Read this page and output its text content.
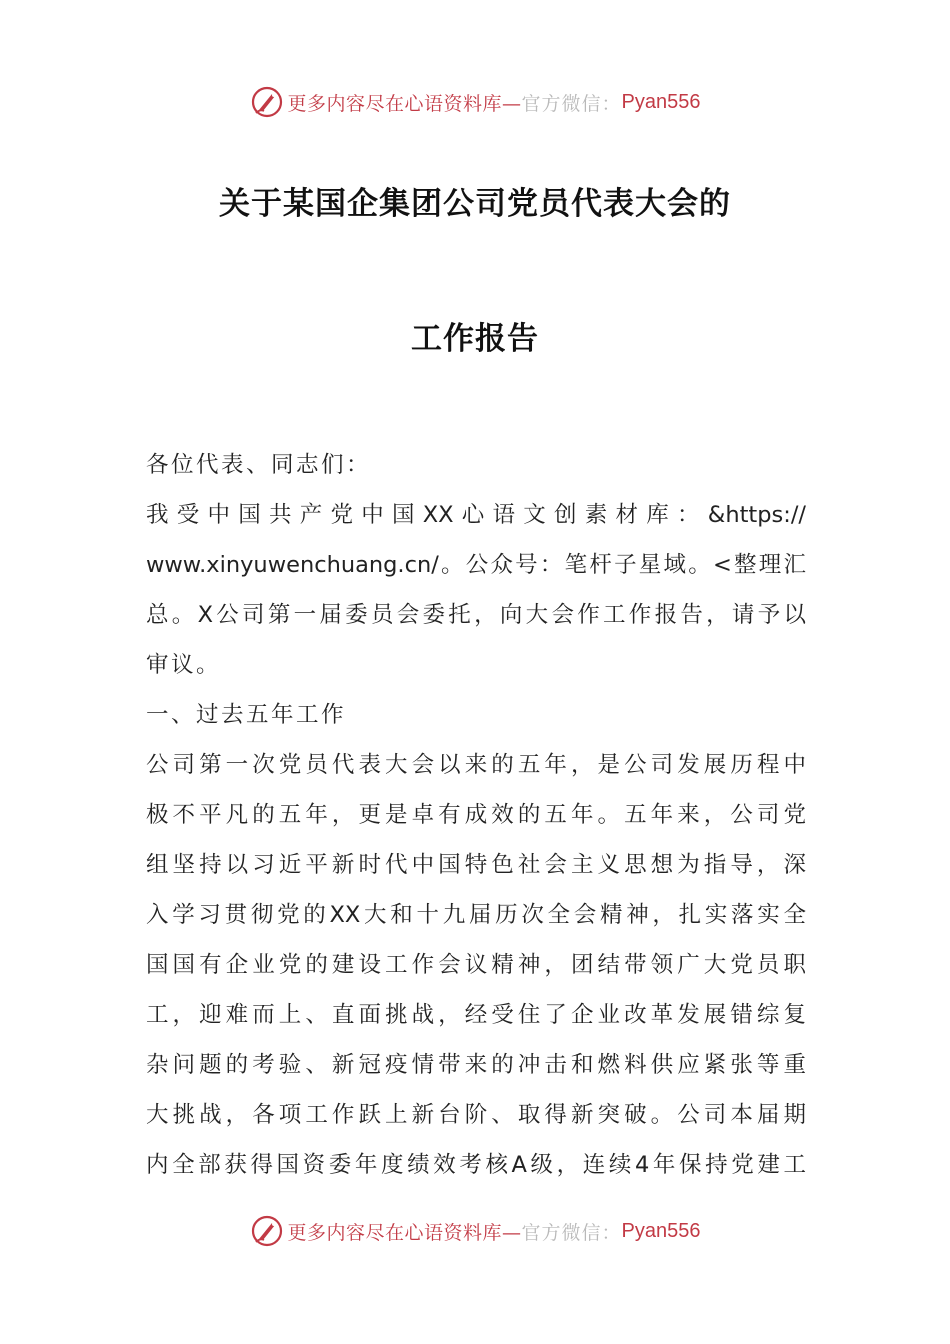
更多内容尽在心语资料库— 官方微信： Pyan556
关于某国企集团公司党员代表大会的
工作报告
各位代表、同志们：
我受中国共产党中国XX心语文创素材库：&https://
www.xinyuwenchuang.cn/。公众号：笔杆子星域。<整理汇
总。X公司第一届委员会委托，向大会作工作报告，请予以
审议。
一、过去五年工作
公司第一次党员代表大会以来的五年，是公司发展历程中
极不平凡的五年，更是卓有成效的五年。五年来，公司党
组坚持以习近平新时代中国特色社会主义思想为指导，深
入学习贯彻党的XX大和十九届历次全会精神，扎实落实全
国国有企业党的建设工作会议精神，团结带领广大党员职
工，迎难而上、直面挑战，经受住了企业改革发展错综复
杂问题的考验、新冠疫情带来的冲击和燃料供应紧张等重
大挑战，各项工作跃上新台阶、取得新突破。公司本届期
内全部获得国资委年度绩效考核A级，连续4年保持党建工
更多内容尽在心语资料库— 官方微信： Pyan556
